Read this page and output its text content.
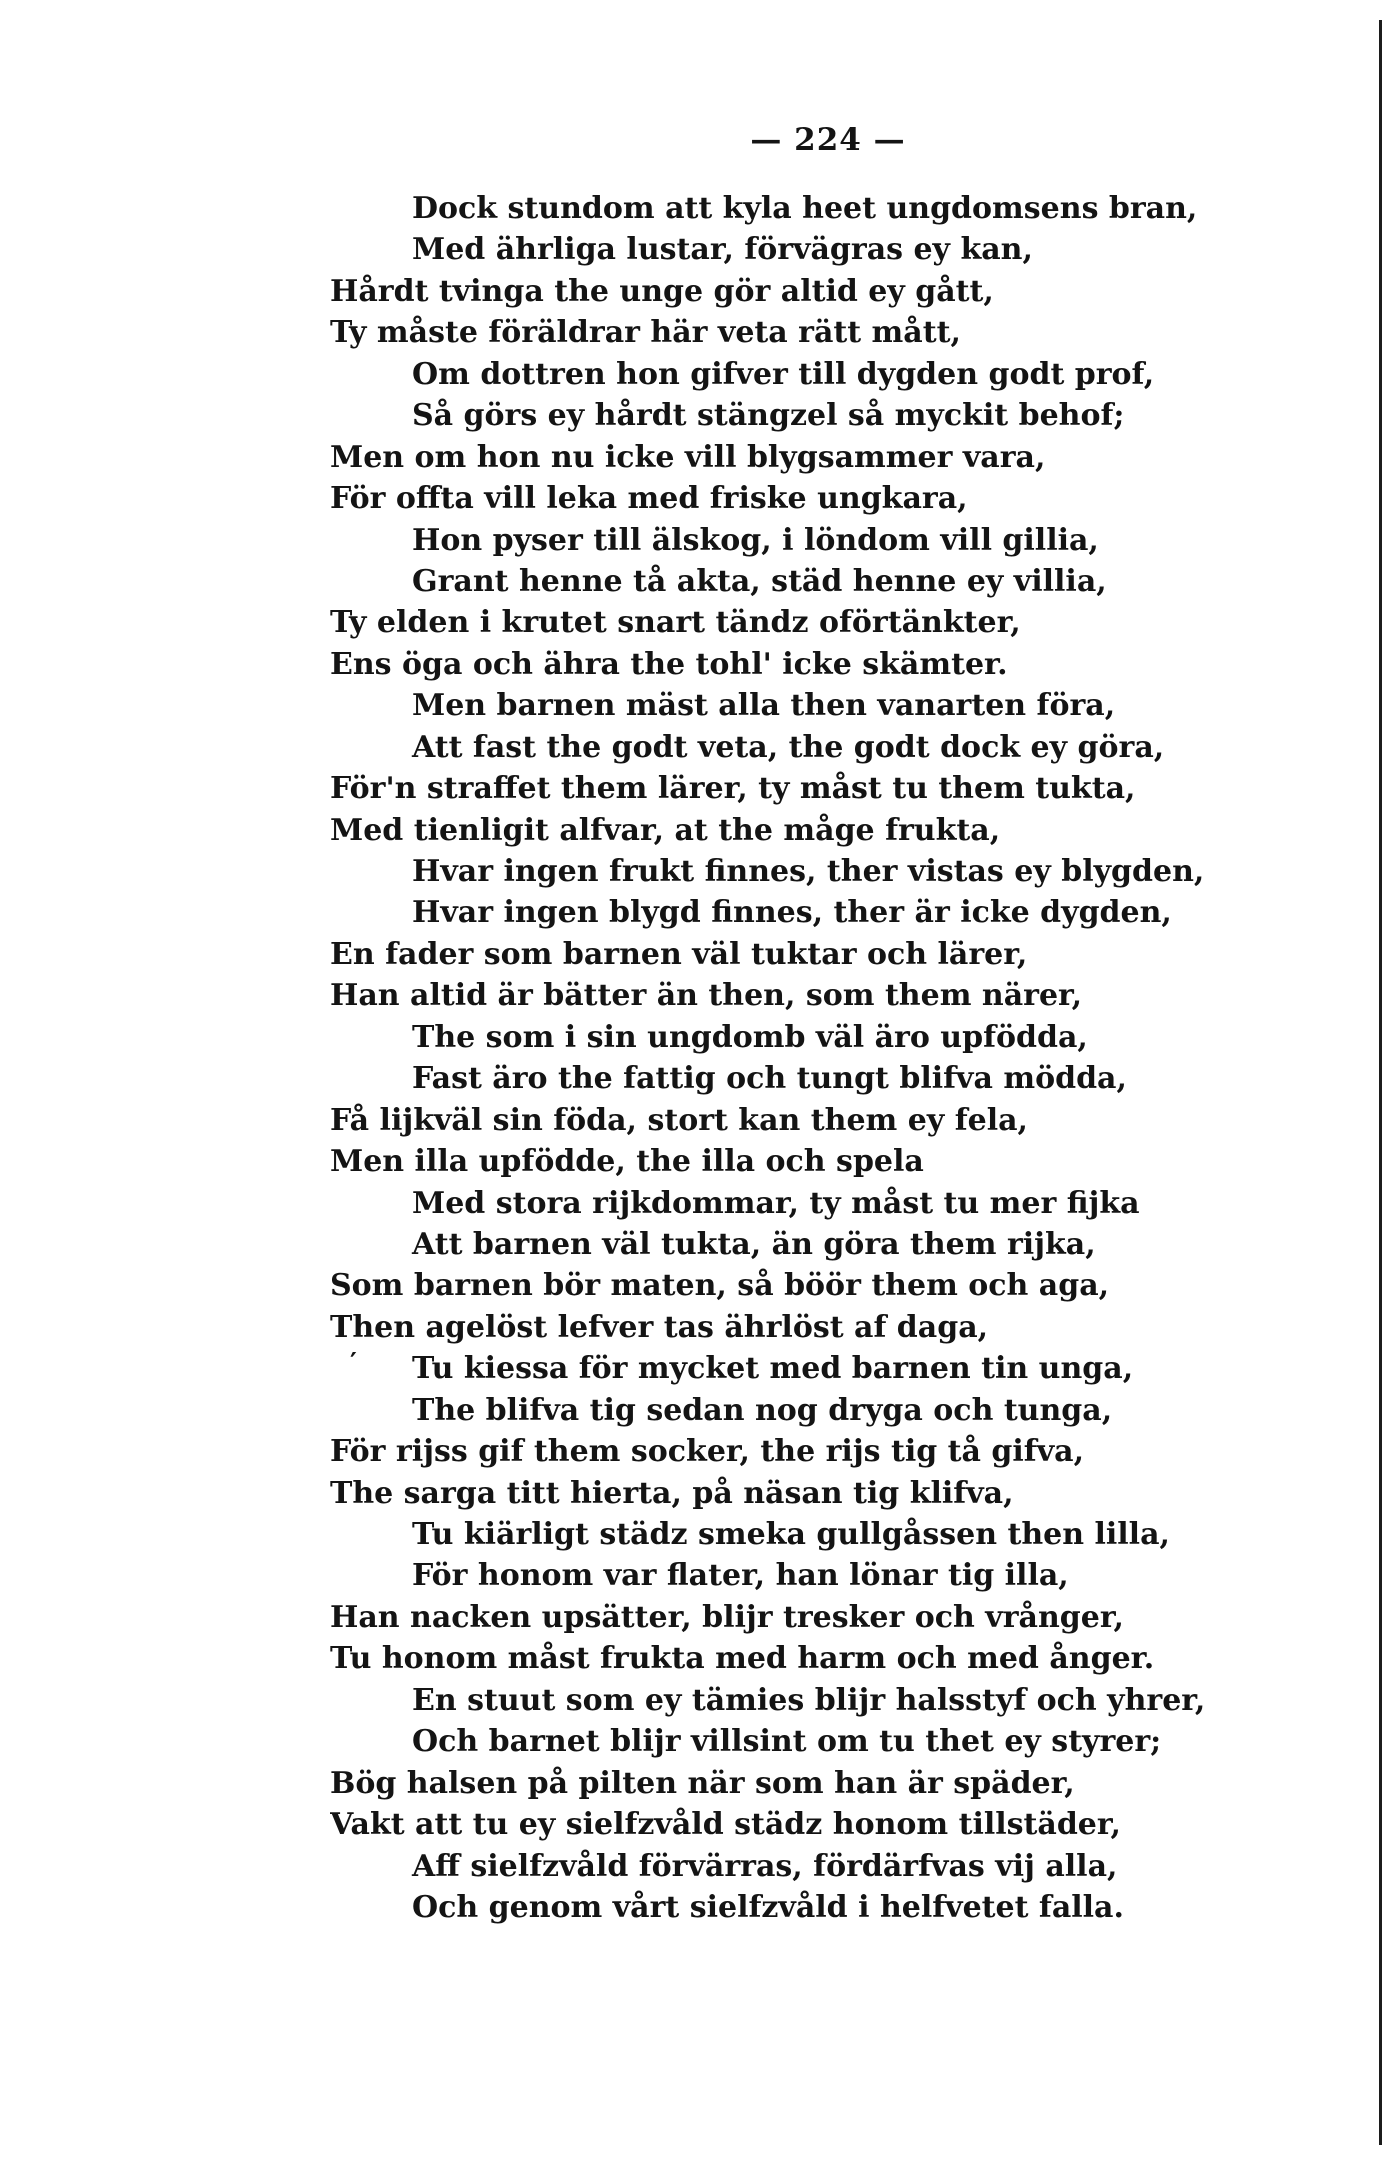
— 224 —
′
Dock stundom att kyla heet ungdomsens bran,
Med ährliga lustar, förvägras ey kan,
Hårdt tvinga the unge gör altid ey gått,
Ty måste föräldrar här veta rätt mått,
Om dottren hon gifver till dygden godt prof,
Så görs ey hårdt stängzel så myckit behof;
Men om hon nu icke vill blygsammer vara,
För offta vill leka med friske ungkara,
Hon pyser till älskog, i löndom vill gillia,
Grant henne tå akta, städ henne ey villia,
Ty elden i krutet snart tändz oförtänkter,
Ens öga och ähra the tohl' icke skämter.
Men barnen mäst alla then vanarten föra,
Att fast the godt veta, the godt dock ey göra,
För'n straffet them lärer, ty måst tu them tukta,
Med tienligit alfvar, at the måge frukta,
Hvar ingen frukt finnes, ther vistas ey blygden,
Hvar ingen blygd finnes, ther är icke dygden,
En fader som barnen väl tuktar och lärer,
Han altid är bätter än then, som them närer,
The som i sin ungdomb väl äro upfödda,
Fast äro the fattig och tungt blifva mödda,
Få lijkväl sin föda, stort kan them ey fela,
Men illa upfödde, the illa och spela
Med stora rijkdommar, ty måst tu mer fijka
Att barnen väl tukta, än göra them rijka,
Som barnen bör maten, så böör them och aga,
Then agelöst lefver tas ährlöst af daga,
Tu kiessa för mycket med barnen tin unga,
The blifva tig sedan nog dryga och tunga,
För rijss gif them socker, the rijs tig tå gifva,
The sarga titt hierta, på näsan tig klifva,
Tu kiärligt städz smeka gullgåssen then lilla,
För honom var flater, han lönar tig illa,
Han nacken upsätter, blijr tresker och vrånger,
Tu honom måst frukta med harm och med ånger.
En stuut som ey tämies blijr halsstyf och yhrer,
Och barnet blijr villsint om tu thet ey styrer;
Bög halsen på pilten när som han är späder,
Vakt att tu ey sielfzvåld städz honom tillstäder,
Aff sielfzvåld förvärras, fördärfvas vij alla,
Och genom vårt sielfzvåld i helfvetet falla.
